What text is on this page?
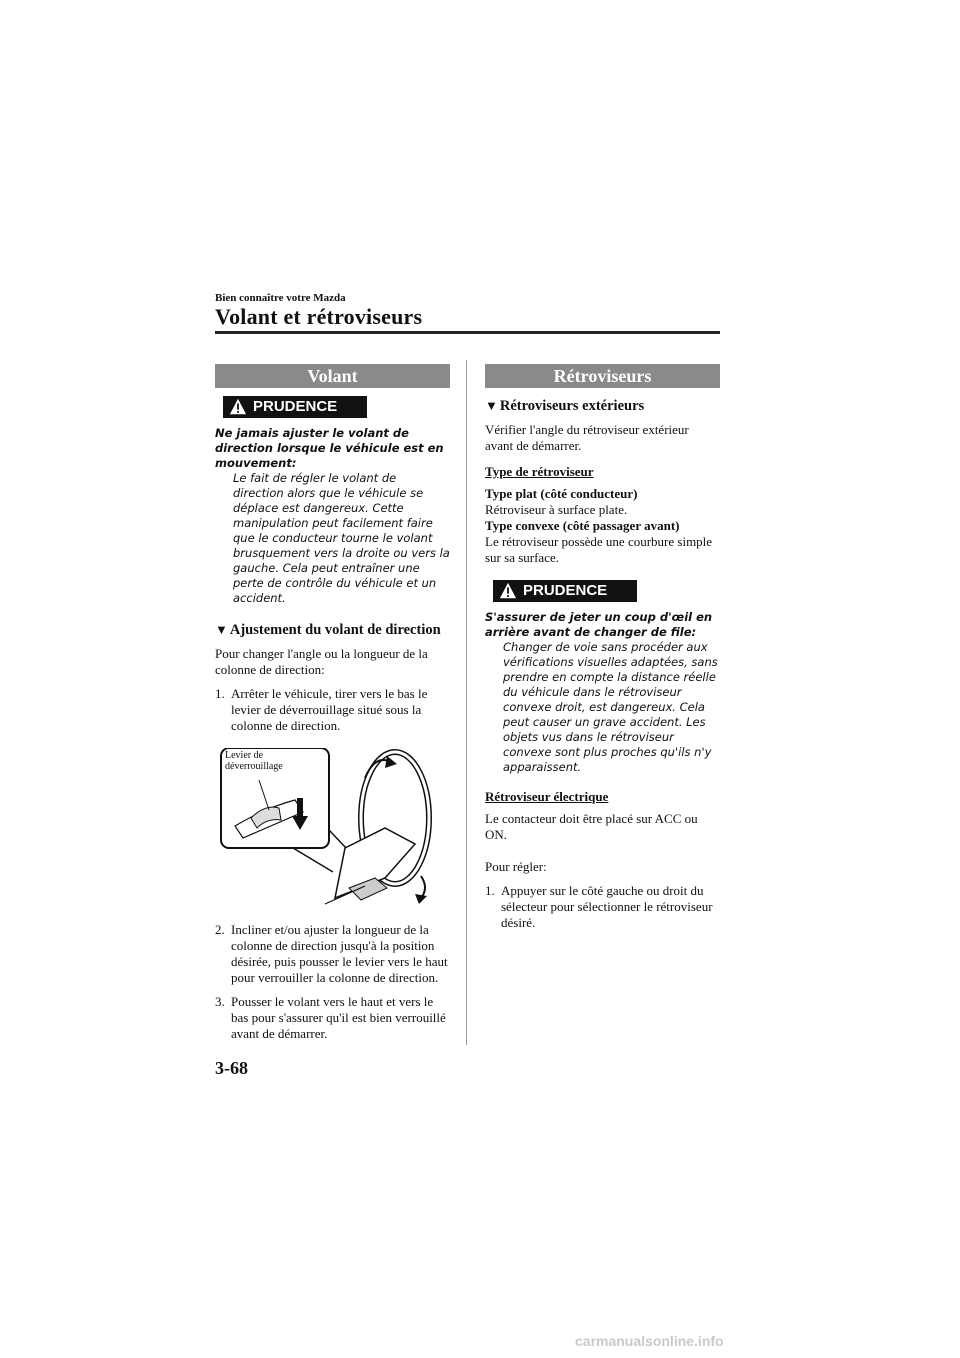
Bien connaître votre Mazda
Volant et rétroviseurs
Volant
PRUDENCE
Ne jamais ajuster le volant de direction lorsque le véhicule est en mouvement:
Le fait de régler le volant de direction alors que le véhicule se déplace est dangereux. Cette manipulation peut facilement faire que le conducteur tourne le volant brusquement vers la droite ou vers la gauche. Cela peut entraîner une perte de contrôle du véhicule et un accident.
▼ Ajustement du volant de direction

Pour changer l'angle ou la longueur de la colonne de direction:

1. Arrêter le véhicule, tirer vers le bas le levier de déverrouillage situé sous la colonne de direction.
Levier de
déverrouillage
2. Incliner et/ou ajuster la longueur de la colonne de direction jusqu'à la position désirée, puis pousser le levier vers le haut pour verrouiller la colonne de direction.
3. Pousser le volant vers le haut et vers le bas pour s'assurer qu'il est bien verrouillé avant de démarrer.
Rétroviseurs
▼ Rétroviseurs extérieurs

Vérifier l'angle du rétroviseur extérieur avant de démarrer.

Type de rétroviseur
Type plat (côté conducteur)
Rétroviseur à surface plate.
Type convexe (côté passager avant)

Le rétroviseur possède une courbure simple sur sa surface.

PRUDENCE
S'assurer de jeter un coup d'œil en arrière avant de changer de file:
Changer de voie sans procéder aux vérifications visuelles adaptées, sans prendre en compte la distance réelle du véhicule dans le rétroviseur convexe droit, est dangereux. Cela peut causer un grave accident. Les objets vus dans le rétroviseur convexe sont plus proches qu'ils n'y apparaissent.
Rétroviseur électrique

Le contacteur doit être placé sur ACC ou ON.

Pour régler:

1. Appuyer sur le côté gauche ou droit du sélecteur pour sélectionner le rétroviseur désiré.
3-68
carmanualsonline.info
